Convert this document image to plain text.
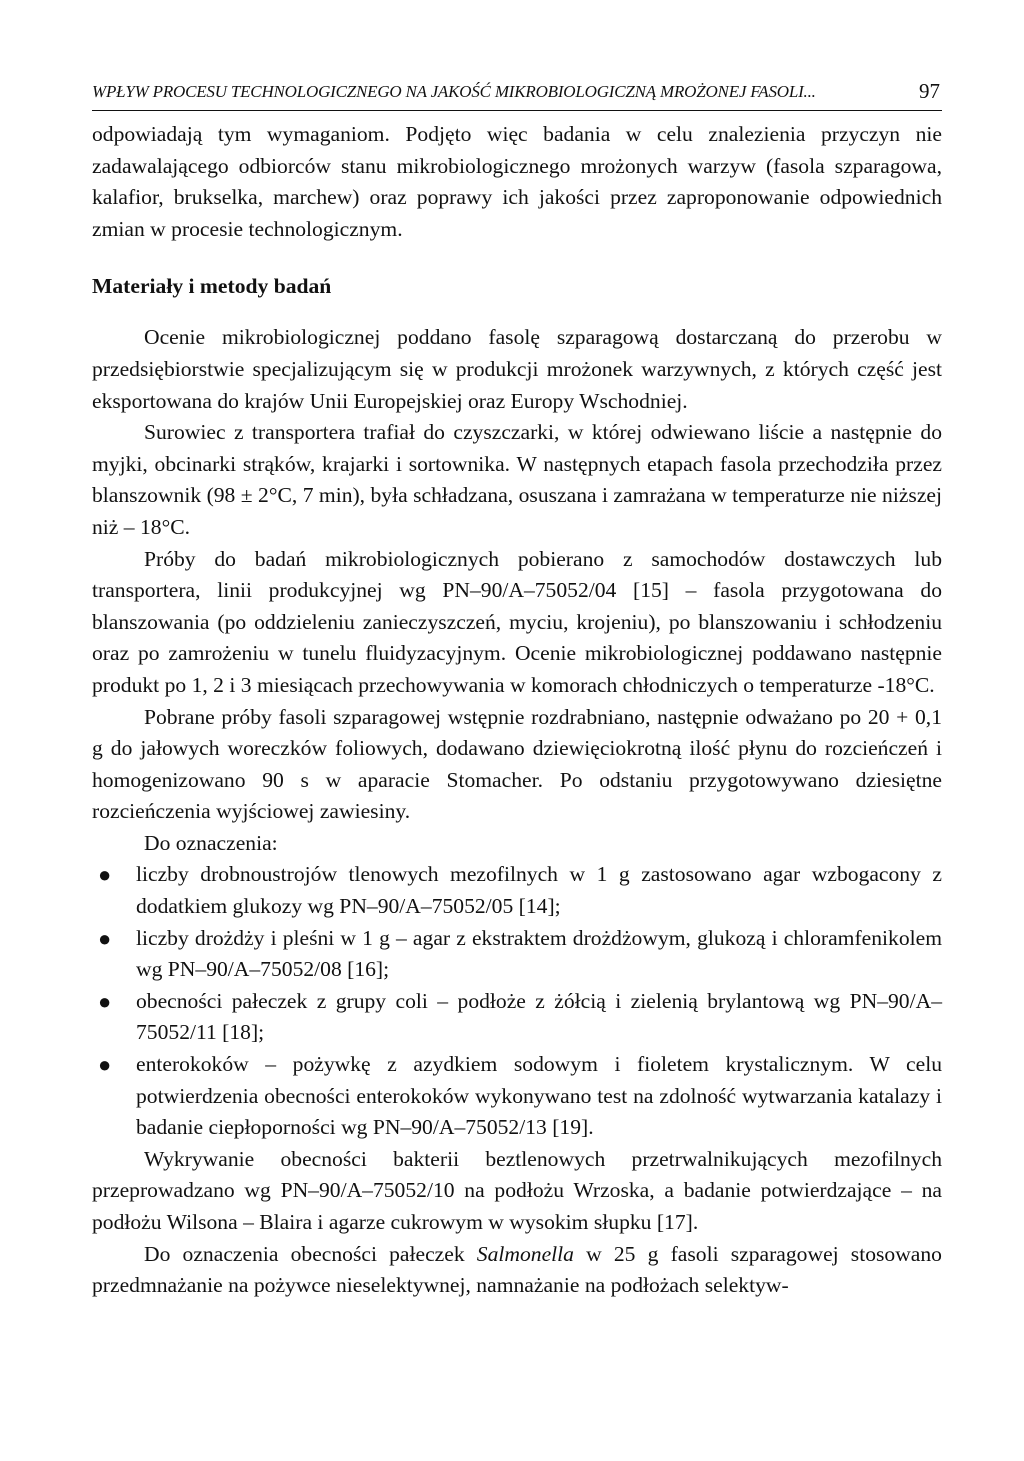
WPŁYW PROCESU TECHNOLOGICZNEGO NA JAKOŚĆ MIKROBIOLOGICZNĄ MROŻONEJ FASOLI...	97

odpowiadają tym wymaganiom. Podjęto więc badania w celu znalezienia przyczyn nie zadawalającego odbiorców stanu mikrobiologicznego mrożonych warzyw (fasola szparagowa, kalafior, brukselka, marchew) oraz poprawy ich jakości przez zaproponowanie odpowiednich zmian w procesie technologicznym.

Materiały i metody badań

Ocenie mikrobiologicznej poddano fasolę szparagową dostarczaną do przerobu w przedsiębiorstwie specjalizującym się w produkcji mrożonek warzywnych, z których część jest eksportowana do krajów Unii Europejskiej oraz Europy Wschodniej.

Surowiec z transportera trafiał do czyszczarki, w której odwiewano liście a następnie do myjki, obcinarki strąków, krajarki i sortownika. W następnych etapach fasola przechodziła przez blanszownik (98 ± 2°C, 7 min), była schładzana, osuszana i zamrażana w temperaturze nie niższej niż – 18°C.

Próby do badań mikrobiologicznych pobierano z samochodów dostawczych lub transportera, linii produkcyjnej wg PN–90/A–75052/04 [15] – fasola przygotowana do blanszowania (po oddzieleniu zanieczyszczeń, myciu, krojeniu), po blanszowaniu i schłodzeniu oraz po zamrożeniu w tunelu fluidyzacyjnym. Ocenie mikrobiologicznej poddawano następnie produkt po 1, 2 i 3 miesiącach przechowywania w komorach chłodniczych o temperaturze -18°C.

Pobrane próby fasoli szparagowej wstępnie rozdrabniano, następnie odważano po 20 + 0,1 g do jałowych woreczków foliowych, dodawano dziewięciokrotną ilość płynu do rozcieńczeń i homogenizowano 90 s w aparacie Stomacher. Po odstaniu przygotowywano dziesiętne rozcieńczenia wyjściowej zawiesiny.

Do oznaczenia:

● liczby drobnoustrojów tlenowych mezofilnych w 1 g zastosowano agar wzbogacony z dodatkiem glukozy wg PN–90/A–75052/05 [14];
● liczby drożdży i pleśni w 1 g – agar z ekstraktem drożdżowym, glukozą i chloramfenikolem wg PN–90/A–75052/08 [16];
● obecności pałeczek z grupy coli – podłoże z żółcią i zielenią brylantową wg PN–90/A–75052/11 [18];
● enterokoków – pożywkę z azydkiem sodowym i fioletem krystalicznym. W celu potwierdzenia obecności enterokoków wykonywano test na zdolność wytwarzania katalazy i badanie ciepłoporności wg PN–90/A–75052/13 [19].

Wykrywanie obecności bakterii beztlenowych przetrwalnikujących mezofilnych przeprowadzano wg PN–90/A–75052/10 na podłożu Wrzoska, a badanie potwierdzające – na podłożu Wilsona – Blaira i agarze cukrowym w wysokim słupku [17].

Do oznaczenia obecności pałeczek Salmonella w 25 g fasoli szparagowej stosowano przedmnażanie na pożywce nieselektywnej, namnażanie na podłożach selektyw-
